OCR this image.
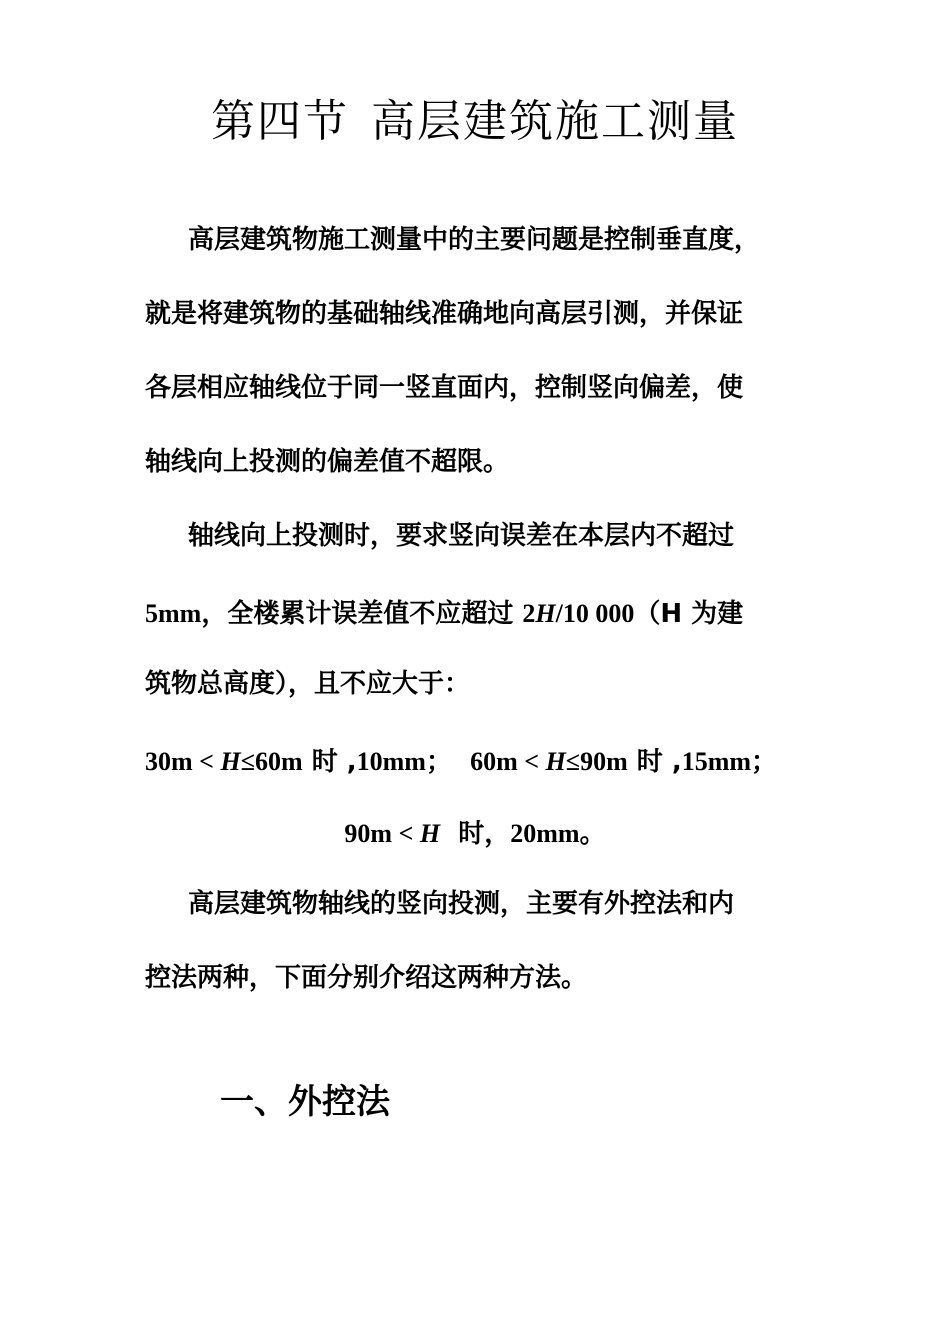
第四节 高层建筑施工测量
高层建筑物施工测量中的主要问题是控制垂直度，
就是将建筑物的基础轴线准确地向高层引测，并保证
各层相应轴线位于同一竖直面内，控制竖向偏差，使
轴线向上投测的偏差值不超限。
轴线向上投测时，要求竖向误差在本层内不超过
5mm，全楼累计误差值不应超过 2H/10 000（H 为建
筑物总高度），且不应大于：
30m < H≤60m 时 ,10mm；  60m < H≤90m 时 ,15mm；
90m < H  时，20mm。
高层建筑物轴线的竖向投测，主要有外控法和内
控法两种，下面分别介绍这两种方法。
一、外控法
